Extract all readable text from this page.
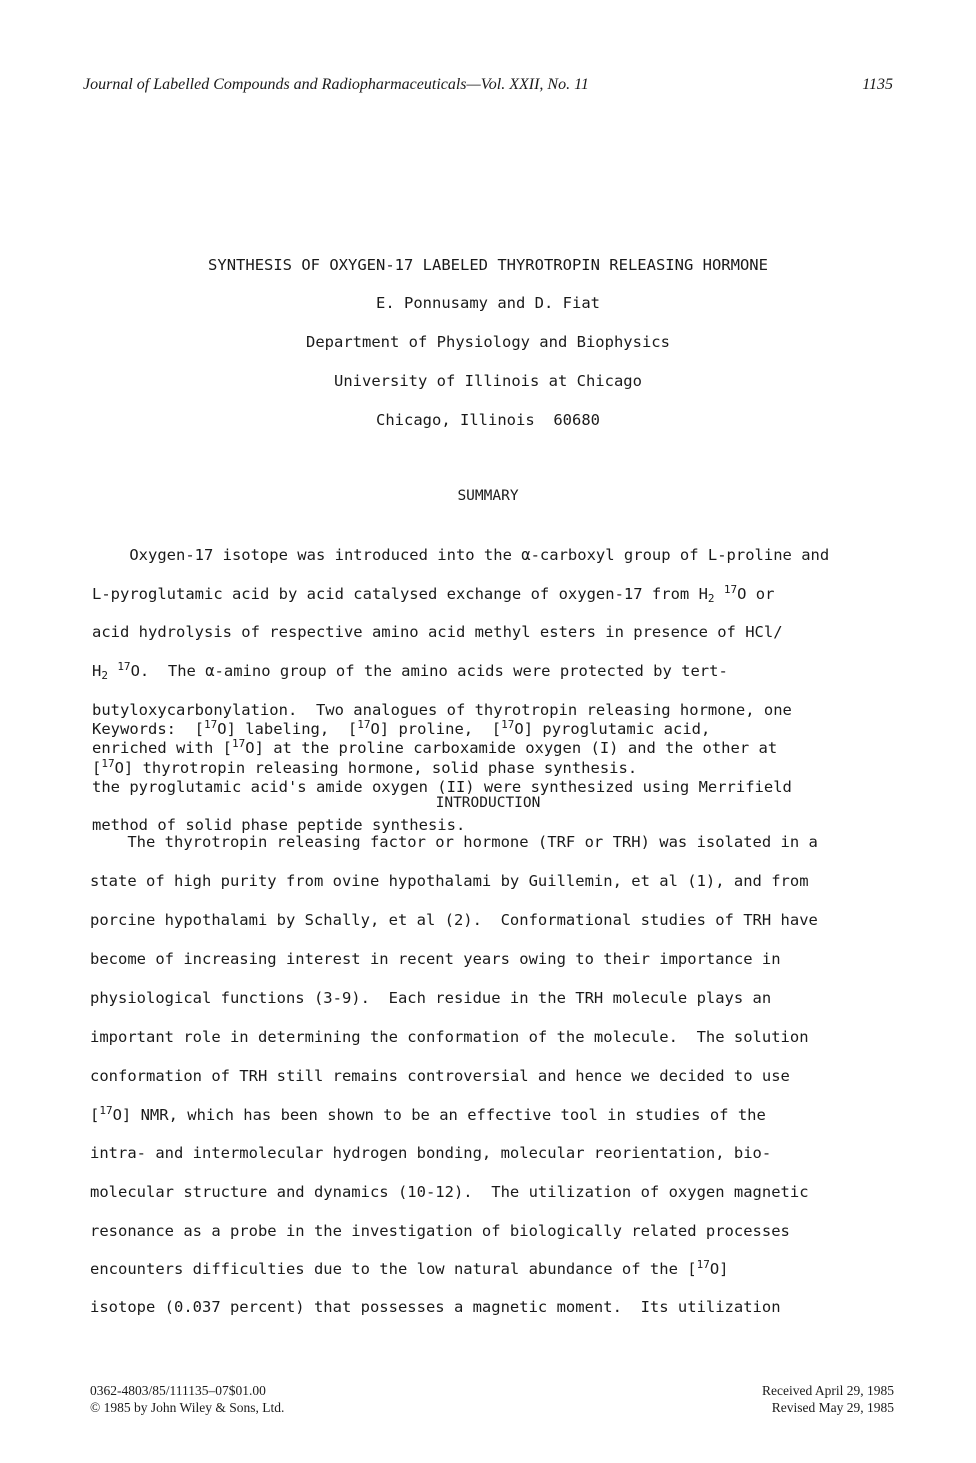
Journal of Labelled Compounds and Radiopharmaceuticals—Vol. XXII, No. 11	1135
SYNTHESIS OF OXYGEN-17 LABELED THYROTROPIN RELEASING HORMONE
E. Ponnusamy and D. Fiat
Department of Physiology and Biophysics
University of Illinois at Chicago
Chicago, Illinois  60680
SUMMARY

Oxygen-17 isotope was introduced into the α-carboxyl group of L-proline and

L-pyroglutamic acid by acid catalysed exchange of oxygen-17 from $H_2$ $^{17}$O or

acid hydrolysis of respective amino acid methyl esters in presence of HCl/

$H_2$ $^{17}$O.  The α-amino group of the amino acids were protected by tert-

butyloxycarbonylation.  Two analogues of thyrotropin releasing hormone, one

enriched with [$^{17}$O] at the proline carboxamide oxygen (I) and the other at

the pyroglutamic acid's amide oxygen (II) were synthesized using Merrifield

method of solid phase peptide synthesis.

Keywords:  [$^{17}$O] labeling,  [$^{17}$O] proline,  [$^{17}$O] pyroglutamic acid,

[$^{17}$O] thyrotropin releasing hormone, solid phase synthesis.

INTRODUCTION
The thyrotropin releasing factor or hormone (TRF or TRH) was isolated in a
state of high purity from ovine hypothalami by Guillemin, et al (1), and from
porcine hypothalami by Schally, et al (2).  Conformational studies of TRH have
become of increasing interest in recent years owing to their importance in
physiological functions (3-9).  Each residue in the TRH molecule plays an
important role in determining the conformation of the molecule.  The solution
conformation of TRH still remains controversial and hence we decided to use
[$^{17}$O] NMR, which has been shown to be an effective tool in studies of the
intra- and intermolecular hydrogen bonding, molecular reorientation, bio-
molecular structure and dynamics (10-12).  The utilization of oxygen magnetic
resonance as a probe in the investigation of biologically related processes
encounters difficulties due to the low natural abundance of the [$^{17}$O]
isotope (0.037 percent) that possesses a magnetic moment.  Its utilization
0362-4803/85/111135–07$01.00
© 1985 by John Wiley & Sons, Ltd.
Received April 29, 1985
Revised May 29, 1985
